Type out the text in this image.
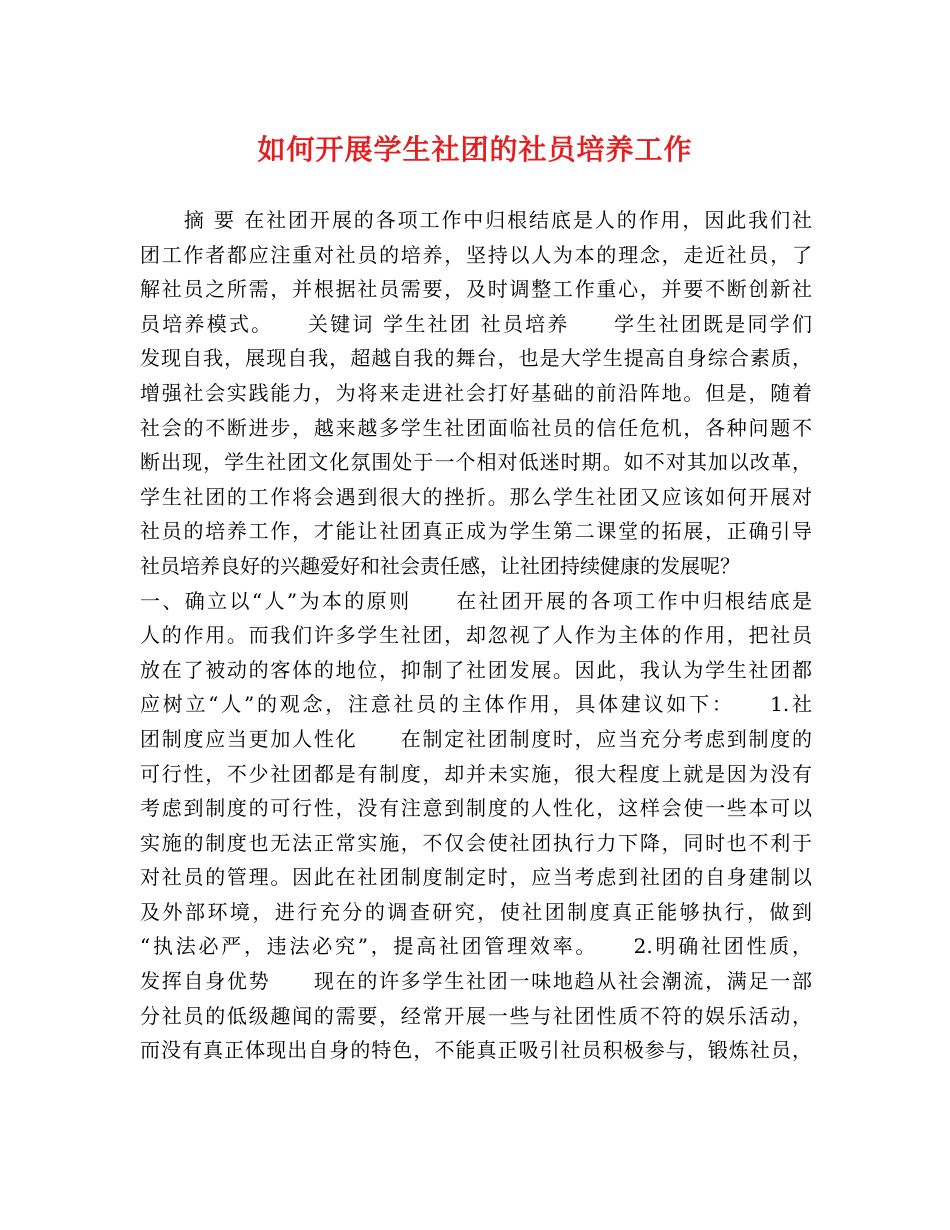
如何开展学生社团的社员培养工作
　　摘 要 在社团开展的各项工作中归根结底是人的作用，因此我们社
团工作者都应注重对社员的培养，坚持以人为本的理念，走近社员，了
解社员之所需，并根据社员需要，及时调整工作重心，并要不断创新社
员培养模式。　　关键词 学生社团 社员培养　　学生社团既是同学们
发现自我，展现自我，超越自我的舞台，也是大学生提高自身综合素质，
增强社会实践能力，为将来走进社会打好基础的前沿阵地。但是，随着
社会的不断进步，越来越多学生社团面临社员的信任危机，各种问题不
断出现，学生社团文化氛围处于一个相对低迷时期。如不对其加以改革，
学生社团的工作将会遇到很大的挫折。那么学生社团又应该如何开展对
社员的培养工作，才能让社团真正成为学生第二课堂的拓展，正确引导
社员培养良好的兴趣爱好和社会责任感，让社团持续健康的发展呢？
一、确立以“人”为本的原则　　在社团开展的各项工作中归根结底是
人的作用。而我们许多学生社团，却忽视了人作为主体的作用，把社员
放在了被动的客体的地位，抑制了社团发展。因此，我认为学生社团都
应树立“人”的观念，注意社员的主体作用，具体建议如下：　　1.社
团制度应当更加人性化　　在制定社团制度时，应当充分考虑到制度的
可行性，不少社团都是有制度，却并未实施，很大程度上就是因为没有
考虑到制度的可行性，没有注意到制度的人性化，这样会使一些本可以
实施的制度也无法正常实施，不仅会使社团执行力下降，同时也不利于
对社员的管理。因此在社团制度制定时，应当考虑到社团的自身建制以
及外部环境，进行充分的调查研究，使社团制度真正能够执行，做到
“执法必严，违法必究”，提高社团管理效率。　　2.明确社团性质，
发挥自身优势　　现在的许多学生社团一味地趋从社会潮流，满足一部
分社员的低级趣闻的需要，经常开展一些与社团性质不符的娱乐活动，
而没有真正体现出自身的特色，不能真正吸引社员积极参与，锻炼社员，
